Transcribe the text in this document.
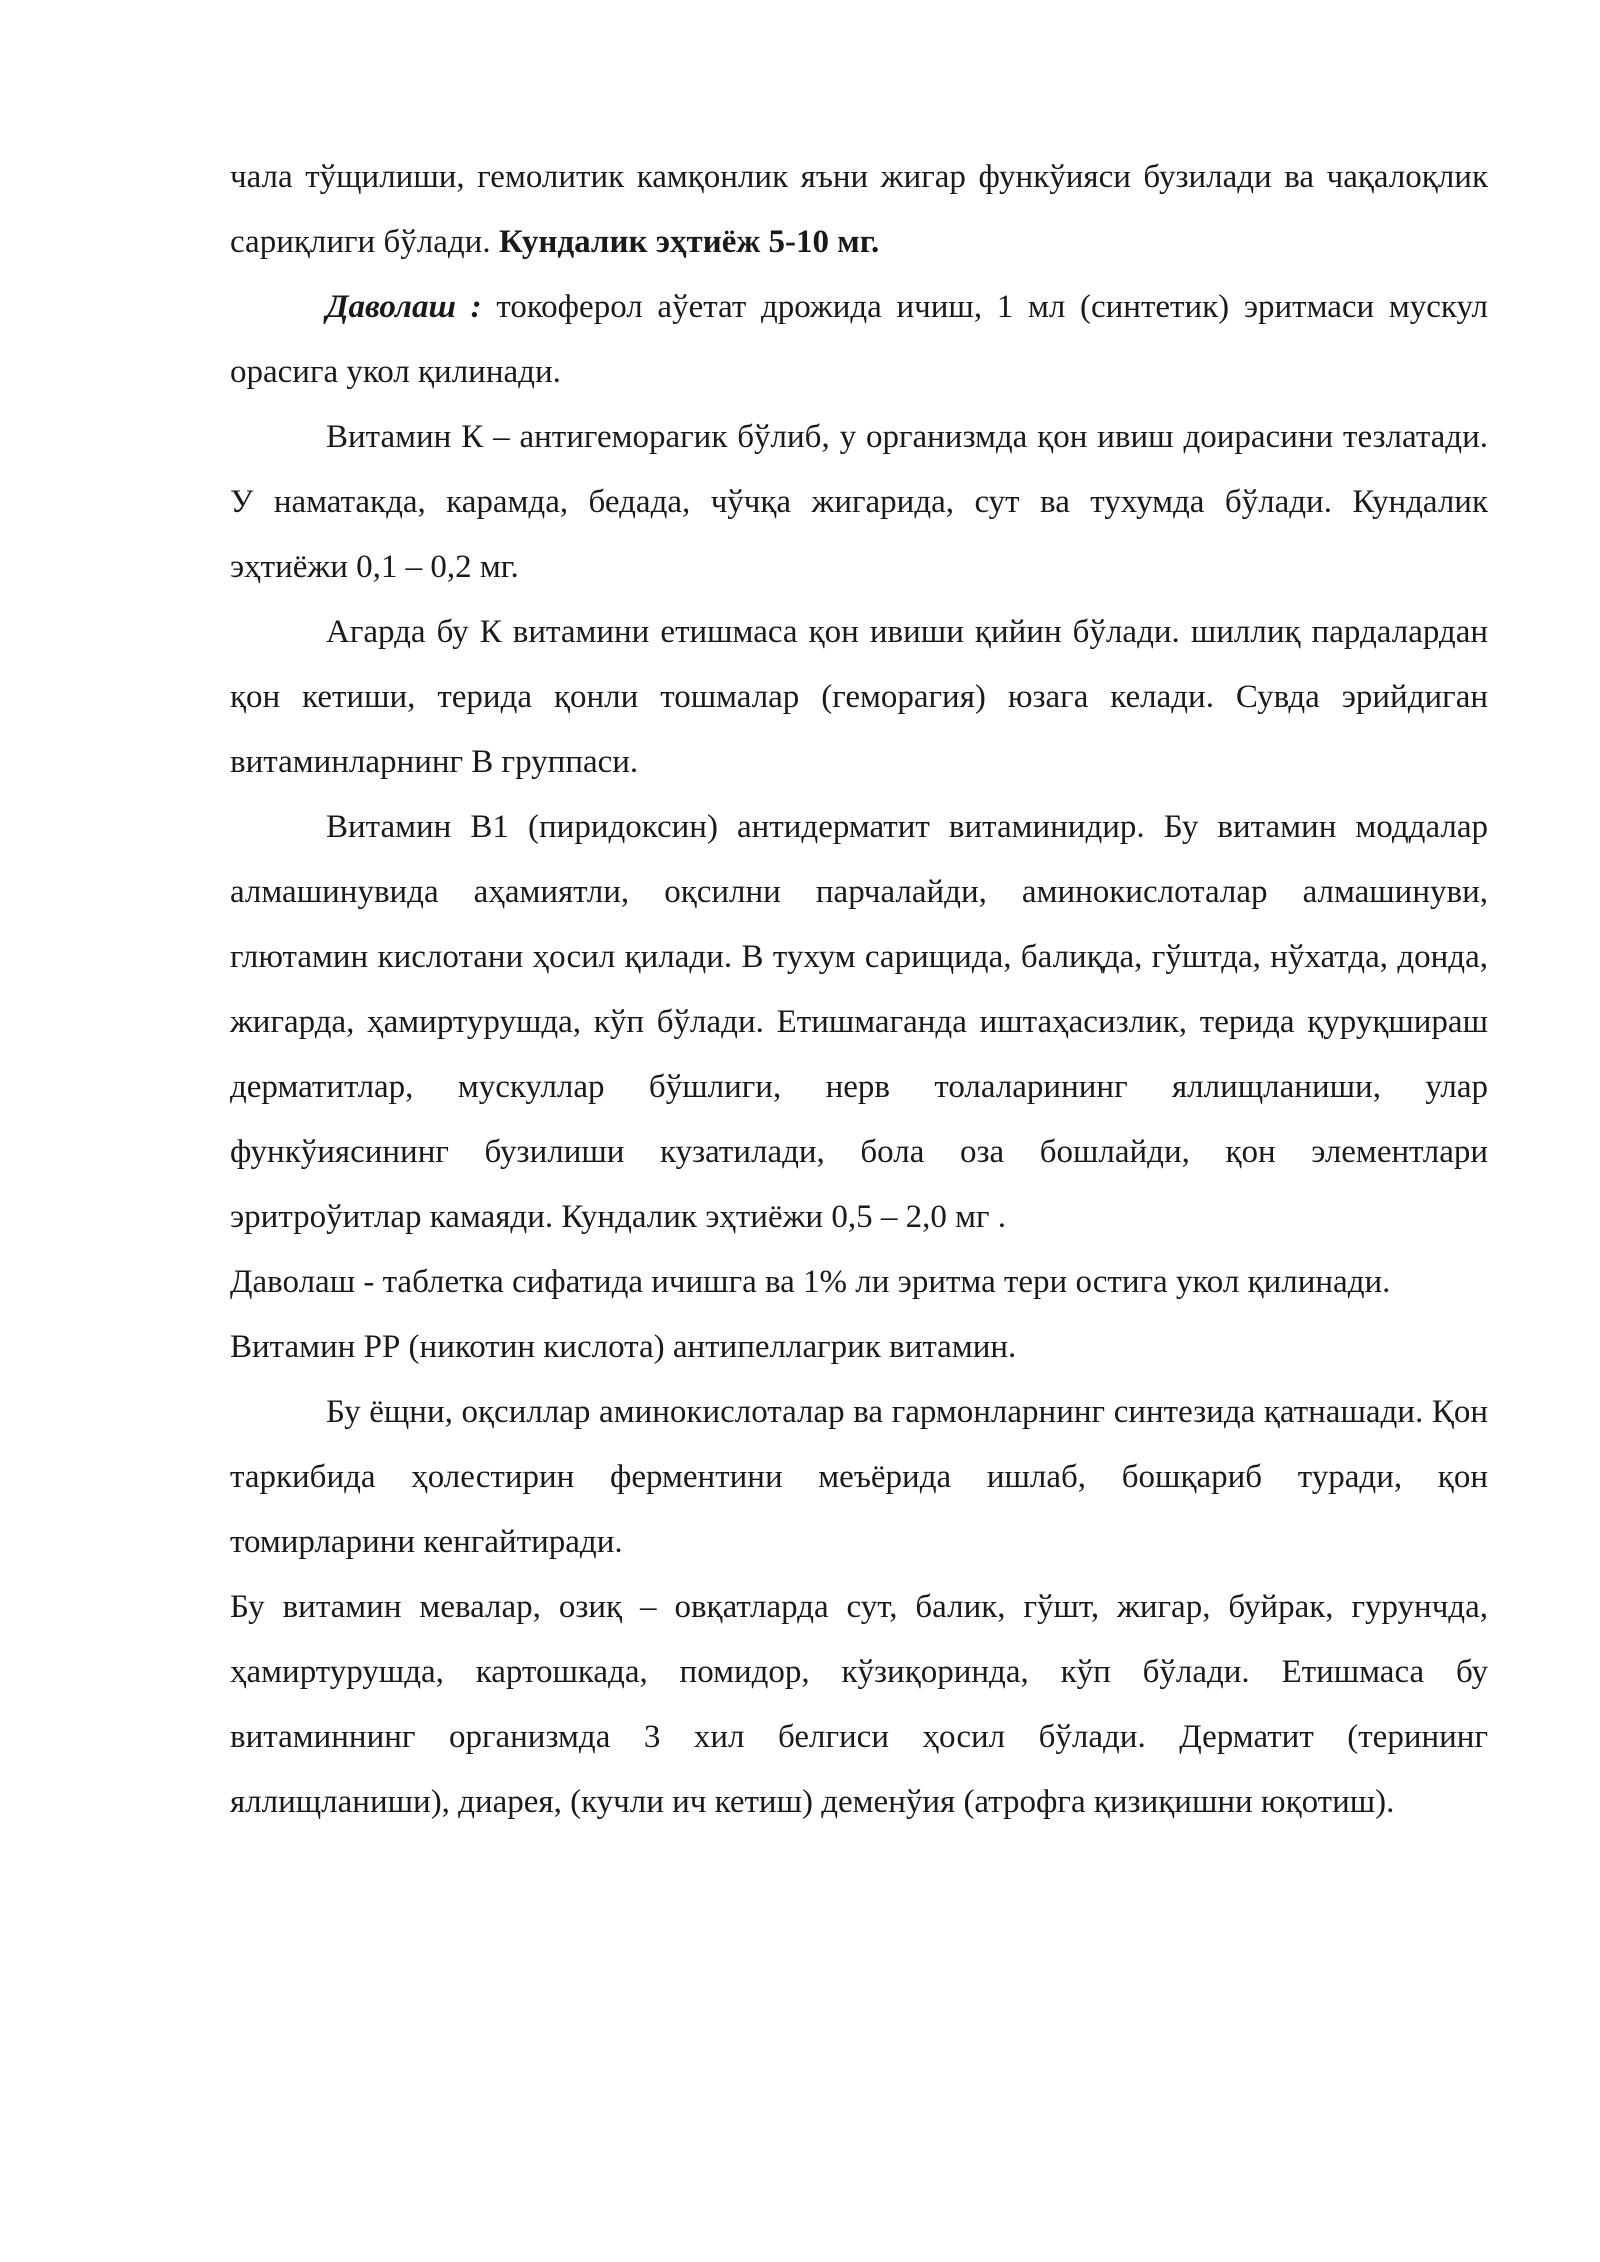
чала тўщилиши, гемолитик камқонлик яъни жигар функўияси бузилади ва чақалоқлик сариқлиги бўлади. Кундалик эҳтиёж 5-10 мг.

Даволаш : токоферол аўетат дрожида ичиш, 1 мл (синтетик) эритмаси мускул орасига укол қилинади.

Витамин К – антигеморагик бўлиб, у организмда қон ивиш доирасини тезлатади. У наматакда, карамда, бедада, чўчқа жигарида, сут ва тухумда бўлади. Кундалик эҳтиёжи 0,1 – 0,2 мг.

Агарда бу К витамини етишмаса қон ивиши қийин бўлади. шиллиқ пардалардан қон кетиши, терида қонли тошмалар (геморагия) юзага келади. Сувда эрийдиган витаминларнинг В группаси.

Витамин В1 (пиридоксин) антидерматит витаминидир. Бу витамин моддалар алмашинувида аҳамиятли, оқсилни парчалайди, аминокислоталар алмашинуви, глютамин кислотани ҳосил қилади. В тухум сарищида, балиқда, гўштда, нўхатда, донда, жигарда, ҳамиртурушда, кўп бўлади. Етишмаганда иштаҳасизлик, терида қуруқшираш дерматитлар, мускуллар бўшлиги, нерв толаларининг яллищланиши, улар функўиясининг бузилиши кузатилади, бола оза бошлайди, қон элементлари эритроўитлар камаяди. Кундалик эҳтиёжи 0,5 – 2,0 мг .

Даволаш - таблетка сифатида ичишга ва 1% ли эритма тери остига укол қилинади.

Витамин РР (никотин кислота) антипеллагрик витамин.

Бу ёщни, оқсиллар аминокислоталар ва гармонларнинг синтезида қатнашади. Қон таркибида ҳолестирин ферментини меъёрида ишлаб, бошқариб туради, қон томирларини кенгайтиради.

Бу витамин мевалар, озиқ – овқатларда сут, балик, гўшт, жигар, буйрак, гурунчда, ҳамиртурушда, картошкада, помидор, кўзиқоринда, кўп бўлади. Етишмаса бу витаминнинг организмда 3 хил белгиси ҳосил бўлади. Дерматит (терининг яллищланиши), диарея, (кучли ич кетиш) деменўия (атрофга қизиқишни юқотиш).
